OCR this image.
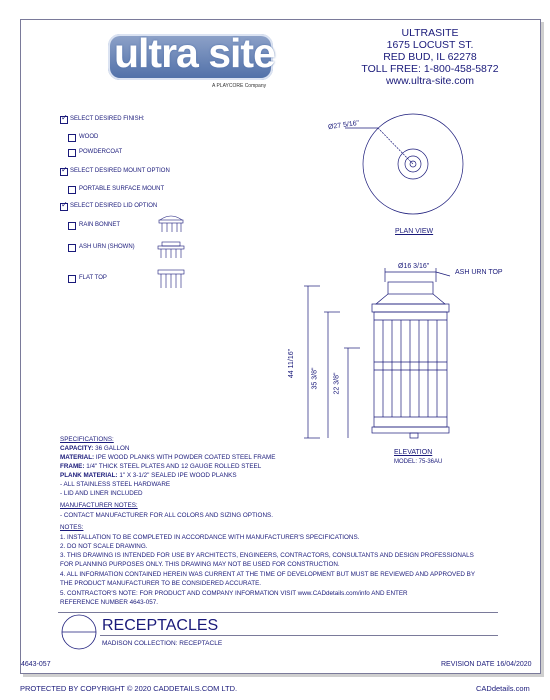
ultra site
A PLAYCORE Company
ULTRASITE
1675 LOCUST ST.
RED BUD, IL 62278
TOLL FREE: 1-800-458-5872
www.ultra-site.com
✓ SELECT DESIRED FINISH:
WOOD
POWDERCOAT
✓ SELECT DESIRED MOUNT OPTION
PORTABLE SURFACE MOUNT
✓ SELECT DESIRED LID OPTION
RAIN BONNET
ASH URN (SHOWN)
FLAT TOP
Ø27 5/16"
PLAN VIEW
Ø16 3/16"
ASH URN TOP
44 11/16"
35 3/8" 22 3/8"
ELEVATION
MODEL: 75-36AU
SPECIFICATIONS:
CAPACITY: 36 GALLON
MATERIAL: IPE WOOD PLANKS WITH POWDER COATED STEEL FRAME
FRAME: 1/4" THICK STEEL PLATES AND 12 GAUGE ROLLED STEEL
PLANK MATERIAL: 1" X 3-1/2" SEALED IPE WOOD PLANKS
- ALL STAINLESS STEEL HARDWARE
- LID AND LINER INCLUDED
MANUFACTURER NOTES:
- CONTACT MANUFACTURER FOR ALL COLORS AND SIZING OPTIONS.
NOTES:
1. INSTALLATION TO BE COMPLETED IN ACCORDANCE WITH MANUFACTURER'S SPECIFICATIONS.
2. DO NOT SCALE DRAWING.
3. THIS DRAWING IS INTENDED FOR USE BY ARCHITECTS, ENGINEERS, CONTRACTORS, CONSULTANTS AND DESIGN PROFESSIONALS
FOR PLANNING PURPOSES ONLY. THIS DRAWING MAY NOT BE USED FOR CONSTRUCTION.
4. ALL INFORMATION CONTAINED HEREIN WAS CURRENT AT THE TIME OF DEVELOPMENT BUT MUST BE REVIEWED AND APPROVED BY
THE PRODUCT MANUFACTURER TO BE CONSIDERED ACCURATE.
5. CONTRACTOR'S NOTE: FOR PRODUCT AND COMPANY INFORMATION VISIT www.CADdetails.com/info AND ENTER
REFERENCE NUMBER 4643-057.
RECEPTACLES
MADISON COLLECTION: RECEPTACLE
4643-057	REVISION DATE 16/04/2020
PROTECTED BY COPYRIGHT © 2020 CADDETAILS.COM LTD.	CADdetails.com
